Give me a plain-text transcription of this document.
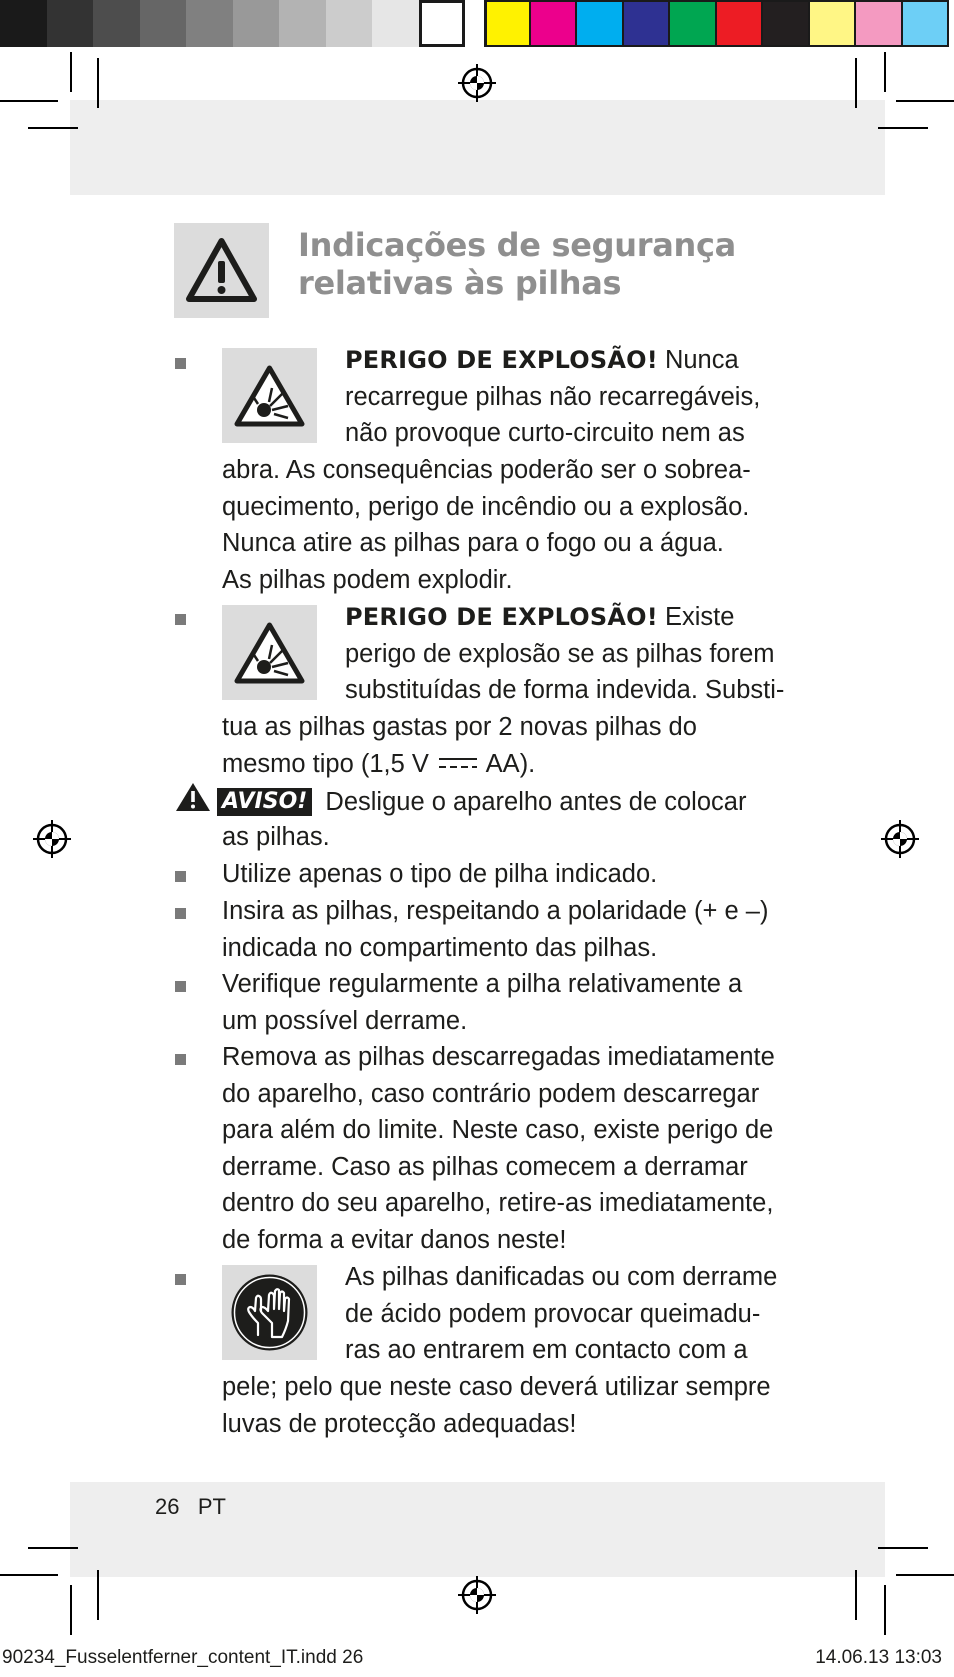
Indicações de segurança
relativas às pilhas
PERIGO DE EXPLOSÃO! Nunca
recarregue pilhas não recarregáveis,
não provoque curto-circuito nem as
abra. As consequências poderão ser o sobrea-
quecimento, perigo de incêndio ou a explosão.
Nunca atire as pilhas para o fogo ou a água.
As pilhas podem explodir.
PERIGO DE EXPLOSÃO! Existe
perigo de explosão se as pilhas forem
substituídas de forma indevida. Substi-
tua as pilhas gastas por 2 novas pilhas do
mesmo tipo (1,5 V  AA).
AVISO! Desligue o aparelho antes de colocar
as pilhas.
Utilize apenas o tipo de pilha indicado.
Insira as pilhas, respeitando a polaridade (+ e –)
indicada no compartimento das pilhas.
Verifique regularmente a pilha relativamente a
um possível derrame.
Remova as pilhas descarregadas imediatamente
do aparelho, caso contrário podem descarregar
para além do limite. Neste caso, existe perigo de
derrame. Caso as pilhas comecem a derramar
dentro do seu aparelho, retire-as imediatamente,
de forma a evitar danos neste!
As pilhas danificadas ou com derrame
de ácido podem provocar queimadu-
ras ao entrarem em contacto com a
pele; pelo que neste caso deverá utilizar sempre
luvas de protecção adequadas!
26 PT
90234_Fusselentferner_content_IT.indd 26	14.06.13 13:03
